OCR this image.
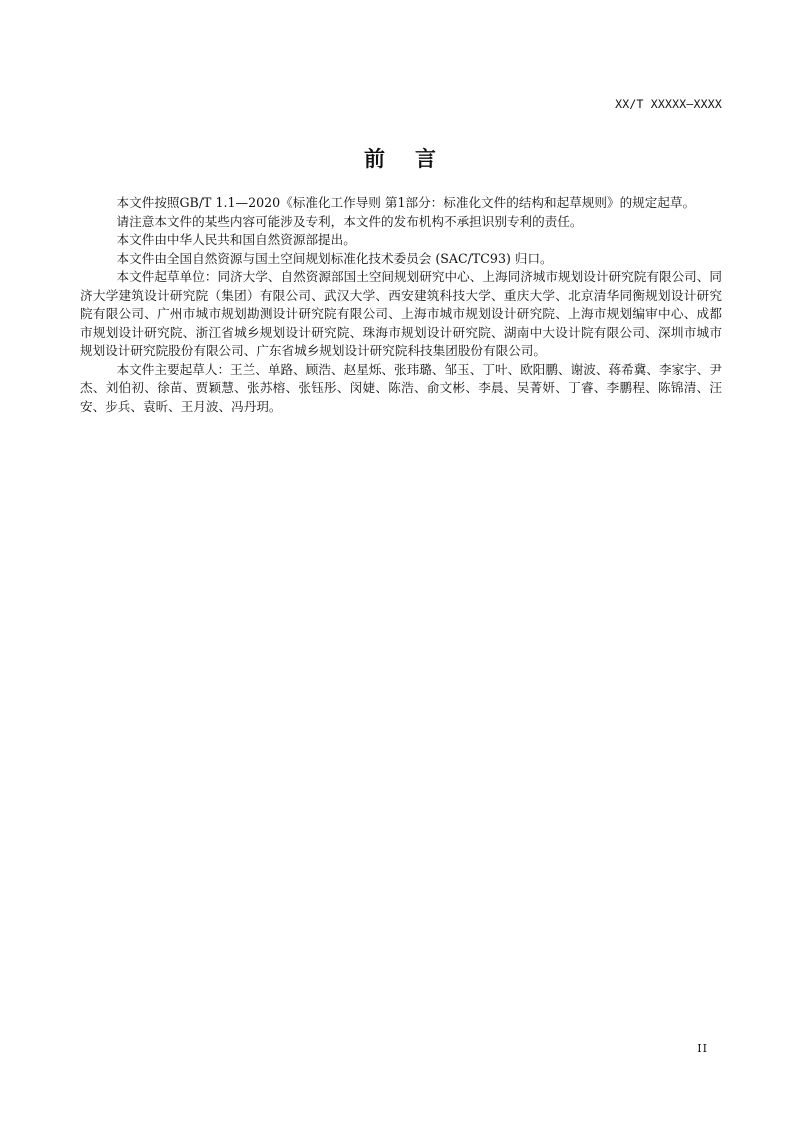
XX/T XXXXX—XXXX
前言

本文件按照GB/T 1.1—2020《标准化工作导则 第1部分：标准化文件的结构和起草规则》的规定起草。

请注意本文件的某些内容可能涉及专利，本文件的发布机构不承担识别专利的责任。

本文件由中华人民共和国自然资源部提出。

本文件由全国自然资源与国土空间规划标准化技术委员会 (SAC/TC93) 归口。

本文件起草单位：同济大学、自然资源部国土空间规划研究中心、上海同济城市规划设计研究院有限公司、同济大学建筑设计研究院（集团）有限公司、武汉大学、西安建筑科技大学、重庆大学、北京清华同衡规划设计研究院有限公司、广州市城市规划勘测设计研究院有限公司、上海市城市规划设计研究院、上海市规划编审中心、成都市规划设计研究院、浙江省城乡规划设计研究院、珠海市规划设计研究院、湖南中大设计院有限公司、深圳市城市规划设计研究院股份有限公司、广东省城乡规划设计研究院科技集团股份有限公司。

本文件主要起草人：王兰、单路、顾浩、赵星烁、张玮璐、邹玉、丁叶、欧阳鹏、谢波、蒋希冀、李家宇、尹杰、刘伯初、徐苗、贾颖慧、张苏榕、张钰彤、闵婕、陈浩、俞文彬、李晨、吴菁妍、丁睿、李鹏程、陈锦清、汪安、步兵、袁昕、王月波、冯丹玥。

II
